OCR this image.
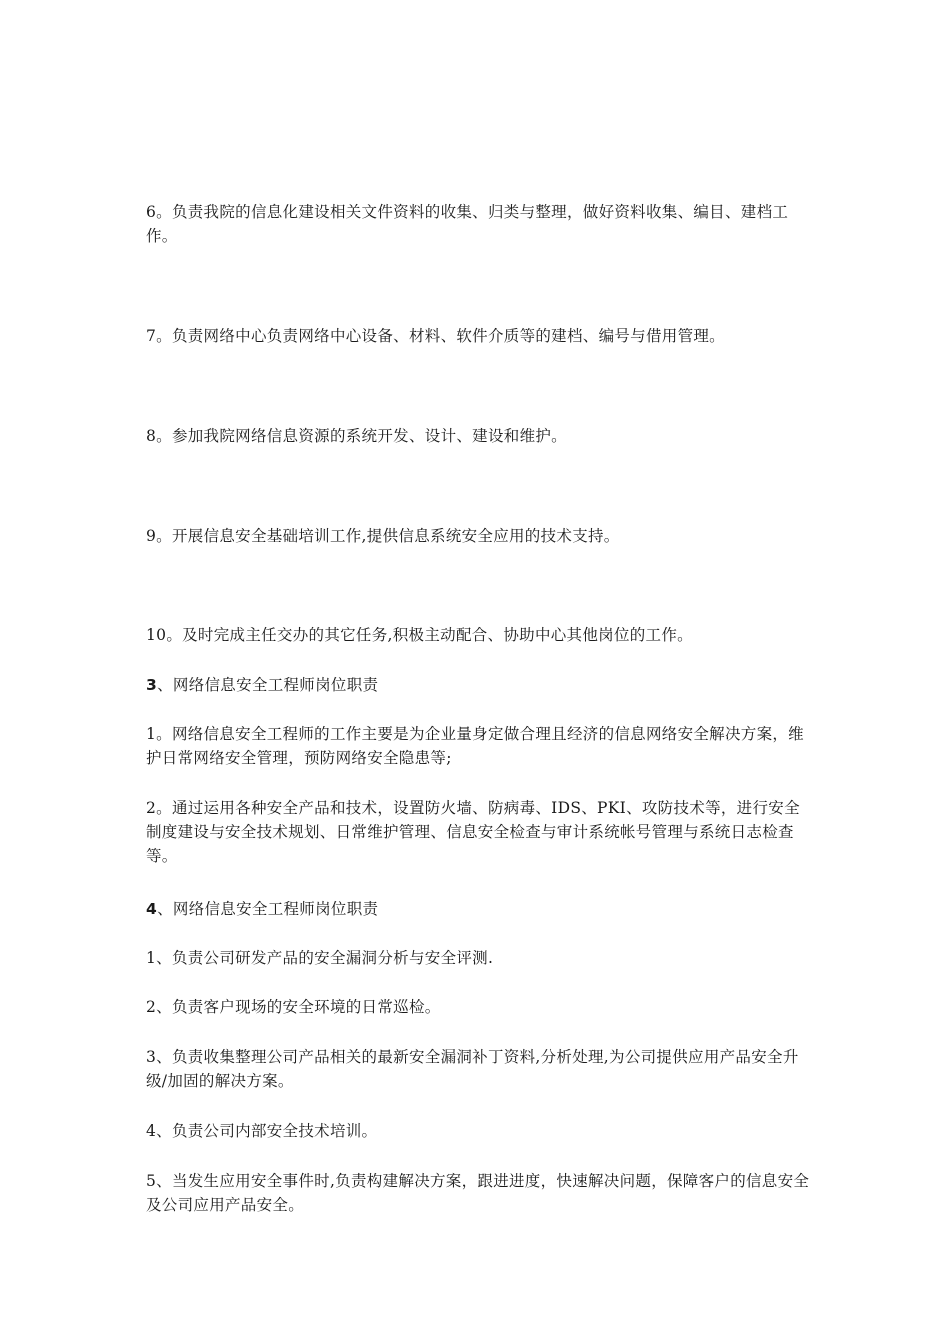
6。负责我院的信息化建设相关文件资料的收集、归类与整理，做好资料收集、编目、建档工作。

7。负责网络中心负责网络中心设备、材料、软件介质等的建档、编号与借用管理。

8。参加我院网络信息资源的系统开发、设计、建设和维护。

9。开展信息安全基础培训工作,提供信息系统安全应用的技术支持。

10。及时完成主任交办的其它任务,积极主动配合、协助中心其他岗位的工作。

3、网络信息安全工程师岗位职责

1。网络信息安全工程师的工作主要是为企业量身定做合理且经济的信息网络安全解决方案，维护日常网络安全管理，预防网络安全隐患等;

2。通过运用各种安全产品和技术，设置防火墙、防病毒、IDS、PKI、攻防技术等，进行安全制度建设与安全技术规划、日常维护管理、信息安全检查与审计系统帐号管理与系统日志检查等。

4、网络信息安全工程师岗位职责

1、负责公司研发产品的安全漏洞分析与安全评测.

2、负责客户现场的安全环境的日常巡检。

3、负责收集整理公司产品相关的最新安全漏洞补丁资料,分析处理,为公司提供应用产品安全升级/加固的解决方案。

4、负责公司内部安全技术培训。

5、当发生应用安全事件时,负责构建解决方案，跟进进度，快速解决问题，保障客户的信息安全及公司应用产品安全。
